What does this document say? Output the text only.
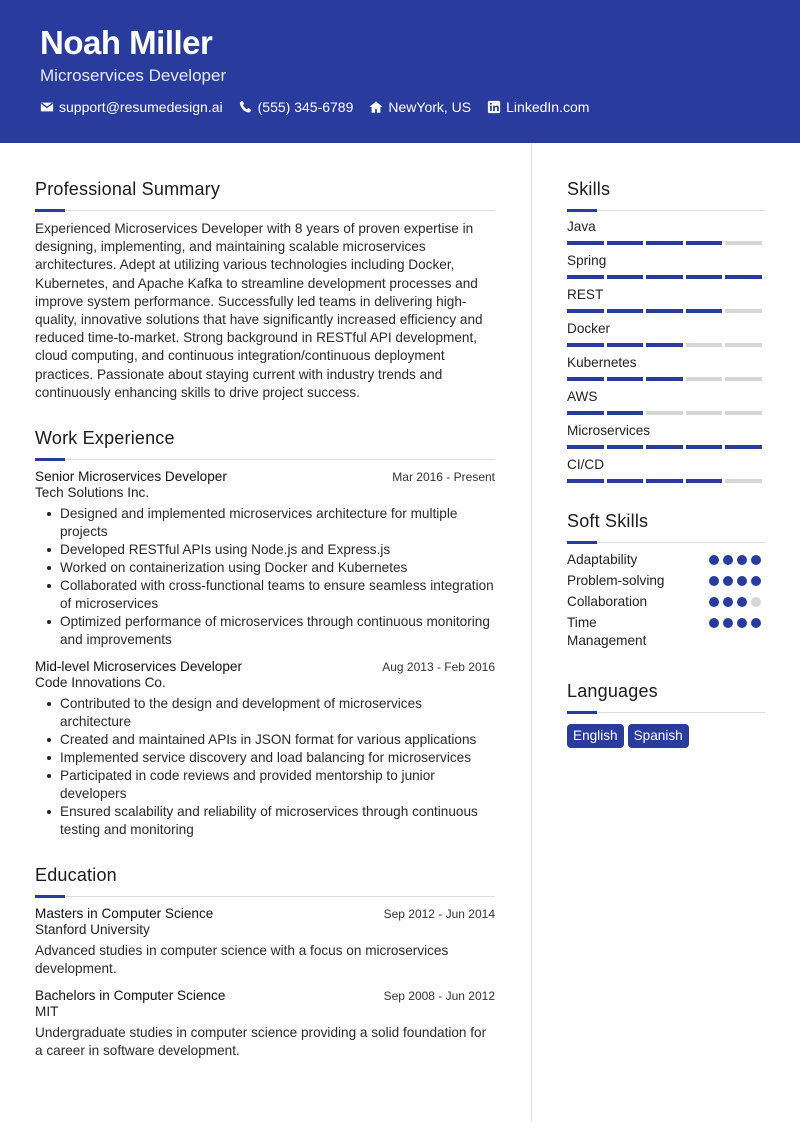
Noah Miller
Microservices Developer
support@resumedesign.ai	(555) 345-6789	NewYork, US	LinkedIn.com
Professional Summary
Experienced Microservices Developer with 8 years of proven expertise in designing, implementing, and maintaining scalable microservices architectures. Adept at utilizing various technologies including Docker, Kubernetes, and Apache Kafka to streamline development processes and improve system performance. Successfully led teams in delivering high-quality, innovative solutions that have significantly increased efficiency and reduced time-to-market. Strong background in RESTful API development, cloud computing, and continuous integration/continuous deployment practices. Passionate about staying current with industry trends and continuously enhancing skills to drive project success.
Work Experience
Senior Microservices Developer	Mar 2016 - Present
Tech Solutions Inc.
Designed and implemented microservices architecture for multiple projects
Developed RESTful APIs using Node.js and Express.js
Worked on containerization using Docker and Kubernetes
Collaborated with cross-functional teams to ensure seamless integration of microservices
Optimized performance of microservices through continuous monitoring and improvements
Mid-level Microservices Developer	Aug 2013 - Feb 2016
Code Innovations Co.
Contributed to the design and development of microservices architecture
Created and maintained APIs in JSON format for various applications
Implemented service discovery and load balancing for microservices
Participated in code reviews and provided mentorship to junior developers
Ensured scalability and reliability of microservices through continuous testing and monitoring
Education
Masters in Computer Science	Sep 2012 - Jun 2014
Stanford University
Advanced studies in computer science with a focus on microservices development.
Bachelors in Computer Science	Sep 2008 - Jun 2012
MIT
Undergraduate studies in computer science providing a solid foundation for a career in software development.
Skills
Java
Spring
REST
Docker
Kubernetes
AWS
Microservices
CI/CD
Soft Skills
Adaptability
Problem-solving
Collaboration
Time Management
Languages
English	Spanish
